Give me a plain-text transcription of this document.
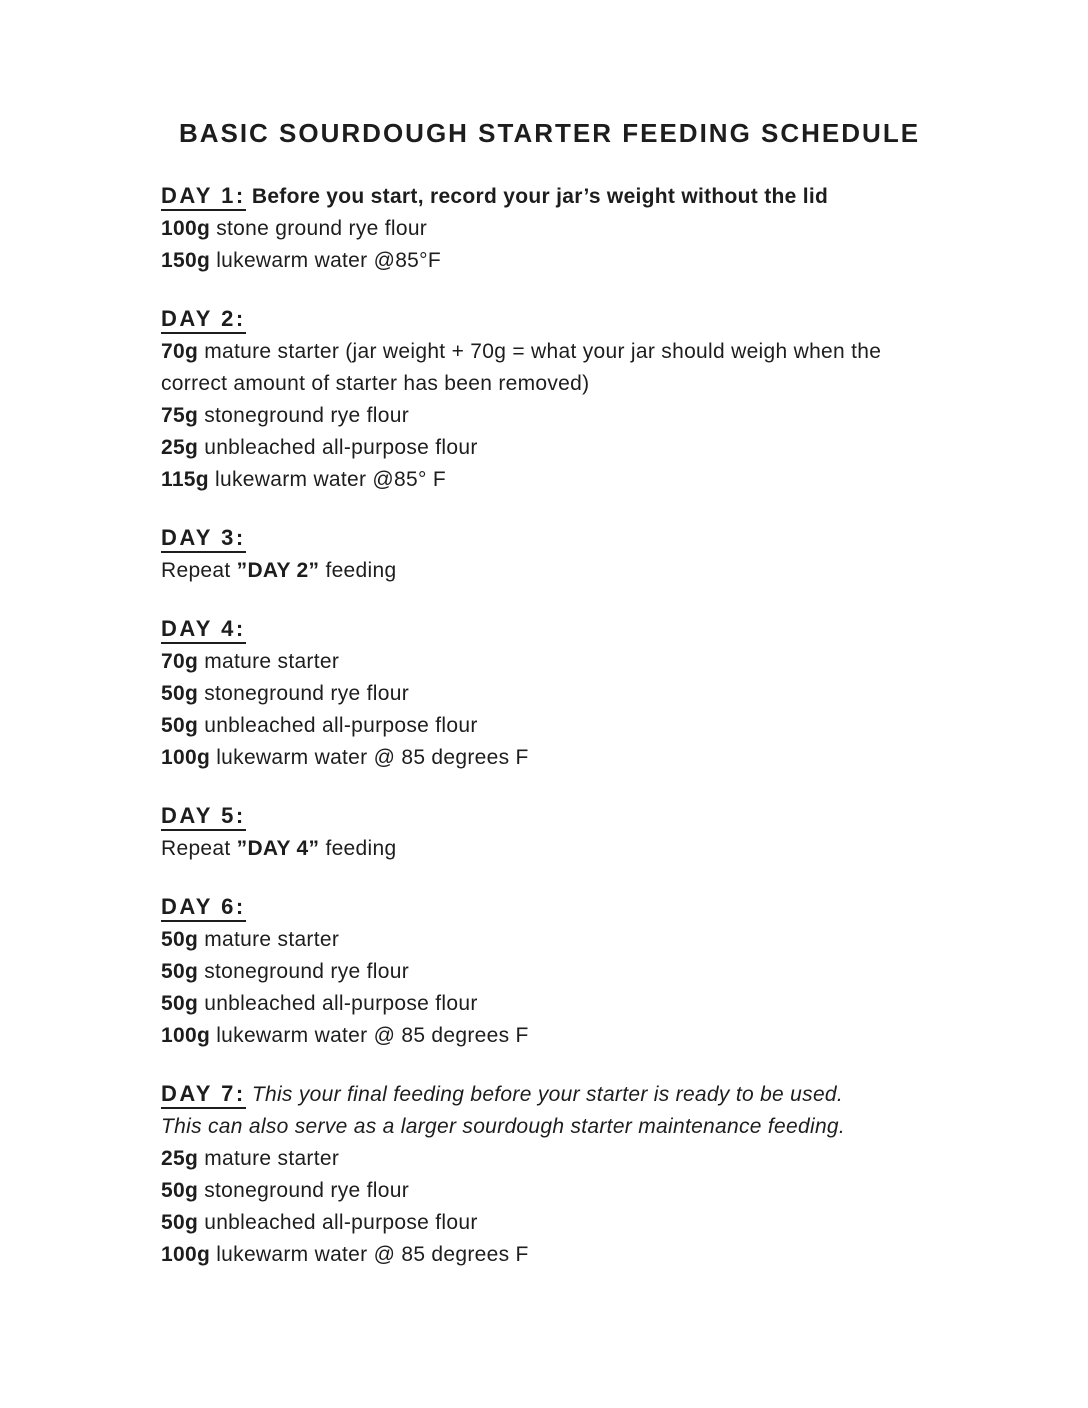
BASIC SOURDOUGH STARTER FEEDING SCHEDULE

DAY 1: Before you start, record your jar’s weight without the lid

100g stone ground rye flour

150g lukewarm water @85°F

DAY 2:

70g mature starter (jar weight + 70g = what your jar should weigh when the

correct amount of starter has been removed)

75g stoneground rye flour

25g unbleached all-purpose flour

115g lukewarm water @85° F

DAY 3:

Repeat ”DAY 2” feeding

DAY 4:

70g mature starter

50g stoneground rye flour

50g unbleached all-purpose flour

100g lukewarm water @ 85 degrees F

DAY 5:

Repeat ”DAY 4” feeding

DAY 6:

50g mature starter

50g stoneground rye flour

50g unbleached all-purpose flour

100g lukewarm water @ 85 degrees F

DAY 7: This your final feeding before your starter is ready to be used.

This can also serve as a larger sourdough starter maintenance feeding.

25g mature starter

50g stoneground rye flour

50g unbleached all-purpose flour

100g lukewarm water @ 85 degrees F
